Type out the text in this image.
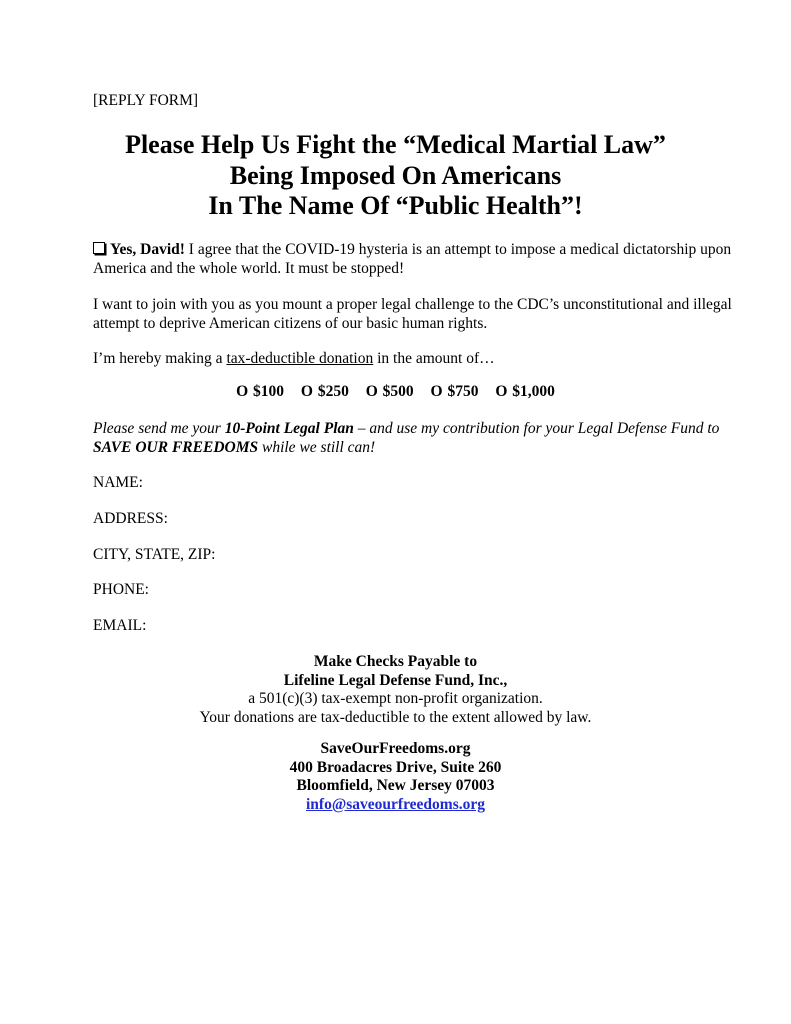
[REPLY FORM]
Please Help Us Fight the “Medical Martial Law”
Being Imposed On Americans
In The Name Of “Public Health”!
Yes, David! I agree that the COVID-19 hysteria is an attempt to impose a medical dictatorship upon America and the whole world. It must be stopped!
I want to join with you as you mount a proper legal challenge to the CDC’s unconstitutional and illegal attempt to deprive American citizens of our basic human rights.
I’m hereby making a tax-deductible donation in the amount of…
O $100 O $250 O $500 O $750 O $1,000
Please send me your 10-Point Legal Plan – and use my contribution for your Legal Defense Fund to SAVE OUR FREEDOMS while we still can!
NAME:
ADDRESS:
CITY, STATE, ZIP:
PHONE:
EMAIL:
Make Checks Payable to
Lifeline Legal Defense Fund, Inc.,
a 501(c)(3) tax-exempt non-profit organization.
Your donations are tax-deductible to the extent allowed by law.
SaveOurFreedoms.org
400 Broadacres Drive, Suite 260
Bloomfield, New Jersey 07003
info@saveourfreedoms.org
